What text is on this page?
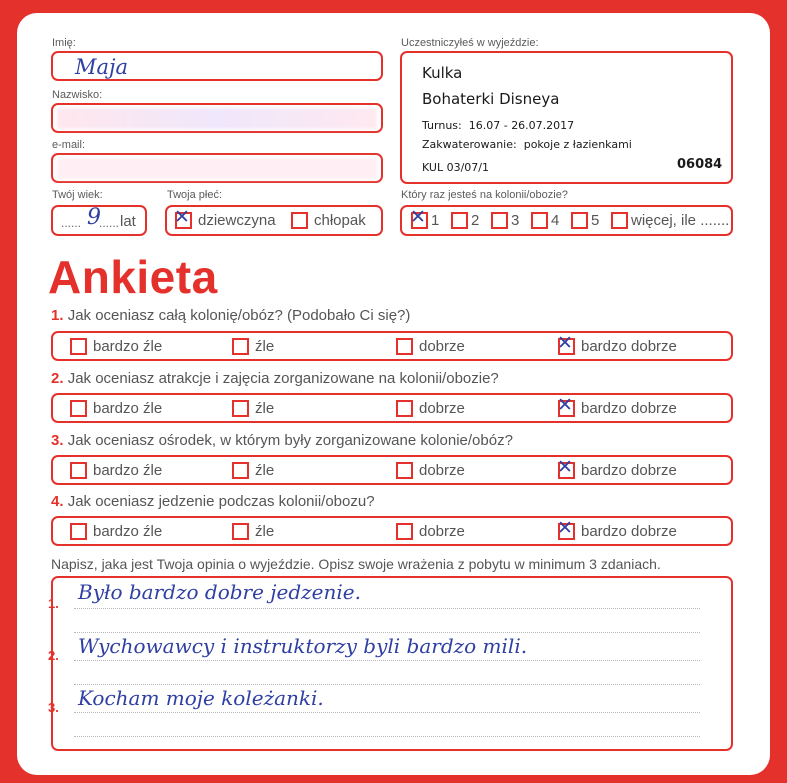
Imię:
Maja
Nazwisko:
e-mail:
Twój wiek:
...... 9
...... lat
Twoja płeć:
✕ dziewczyna	chłopak
Uczestniczyłeś w wyjeździe:
Kulka
Bohaterki Disneya
Turnus: 16.07 - 26.07.2017
Zakwaterowanie: pokoje z łazienkami
KUL 03/07/1	06084
Który raz jesteś na kolonii/obozie?
✕ 1	2	3	4	5	więcej, ile .......
Ankieta
1. Jak oceniasz całą kolonię/obóz? (Podobało Ci się?)
bardzo źle	źle	dobrze	✕ bardzo dobrze
2. Jak oceniasz atrakcje i zajęcia zorganizowane na kolonii/obozie?
bardzo źle	źle	dobrze	✕ bardzo dobrze
3. Jak oceniasz ośrodek, w którym były zorganizowane kolonie/obóz?
bardzo źle	źle	dobrze	✕ bardzo dobrze
4. Jak oceniasz jedzenie podczas kolonii/obozu?
bardzo źle	źle	dobrze	✕ bardzo dobrze
Napisz, jaka jest Twoja opinia o wyjeździe. Opisz swoje wrażenia z pobytu w minimum 3 zdaniach.
1. Było bardzo dobre jedzenie.
2. Wychowawcy i instruktorzy byli bardzo mili.
3. Kocham moje koleżanki.
